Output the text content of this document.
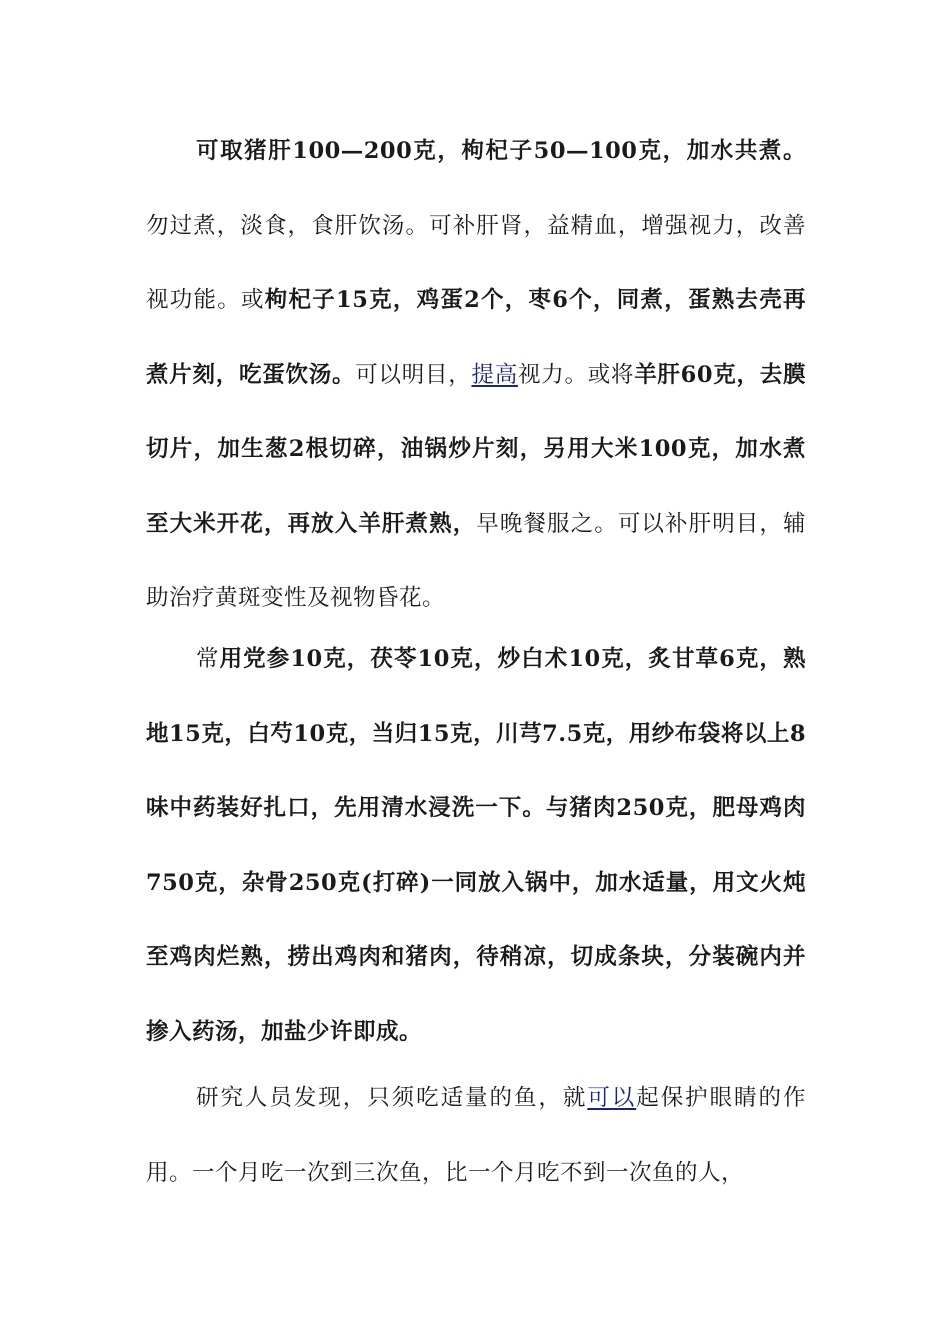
可取猪肝100—200克，枸杞子50—100克，加水共煮。勿过煮，淡食，食肝饮汤。可补肝肾，益精血，增强视力，改善视功能。或枸杞子15克，鸡蛋2个，枣6个，同煮，蛋熟去壳再煮片刻，吃蛋饮汤。可以明目，提高视力。或将羊肝60克，去膜切片，加生葱2根切碎，油锅炒片刻，另用大米100克，加水煮至大米开花，再放入羊肝煮熟，早晚餐服之。可以补肝明目，辅助治疗黄斑变性及视物昏花。

常用党参10克，茯苓10克，炒白术10克，炙甘草6克，熟地15克，白芍10克，当归15克，川芎7.5克，用纱布袋将以上8味中药装好扎口，先用清水浸洗一下。与猪肉250克，肥母鸡肉750克，杂骨250克(打碎)一同放入锅中，加水适量，用文火炖至鸡肉烂熟，捞出鸡肉和猪肉，待稍凉，切成条块，分装碗内并掺入药汤，加盐少许即成。

研究人员发现，只须吃适量的鱼，就可以起保护眼睛的作用。一个月吃一次到三次鱼，比一个月吃不到一次鱼的人，
